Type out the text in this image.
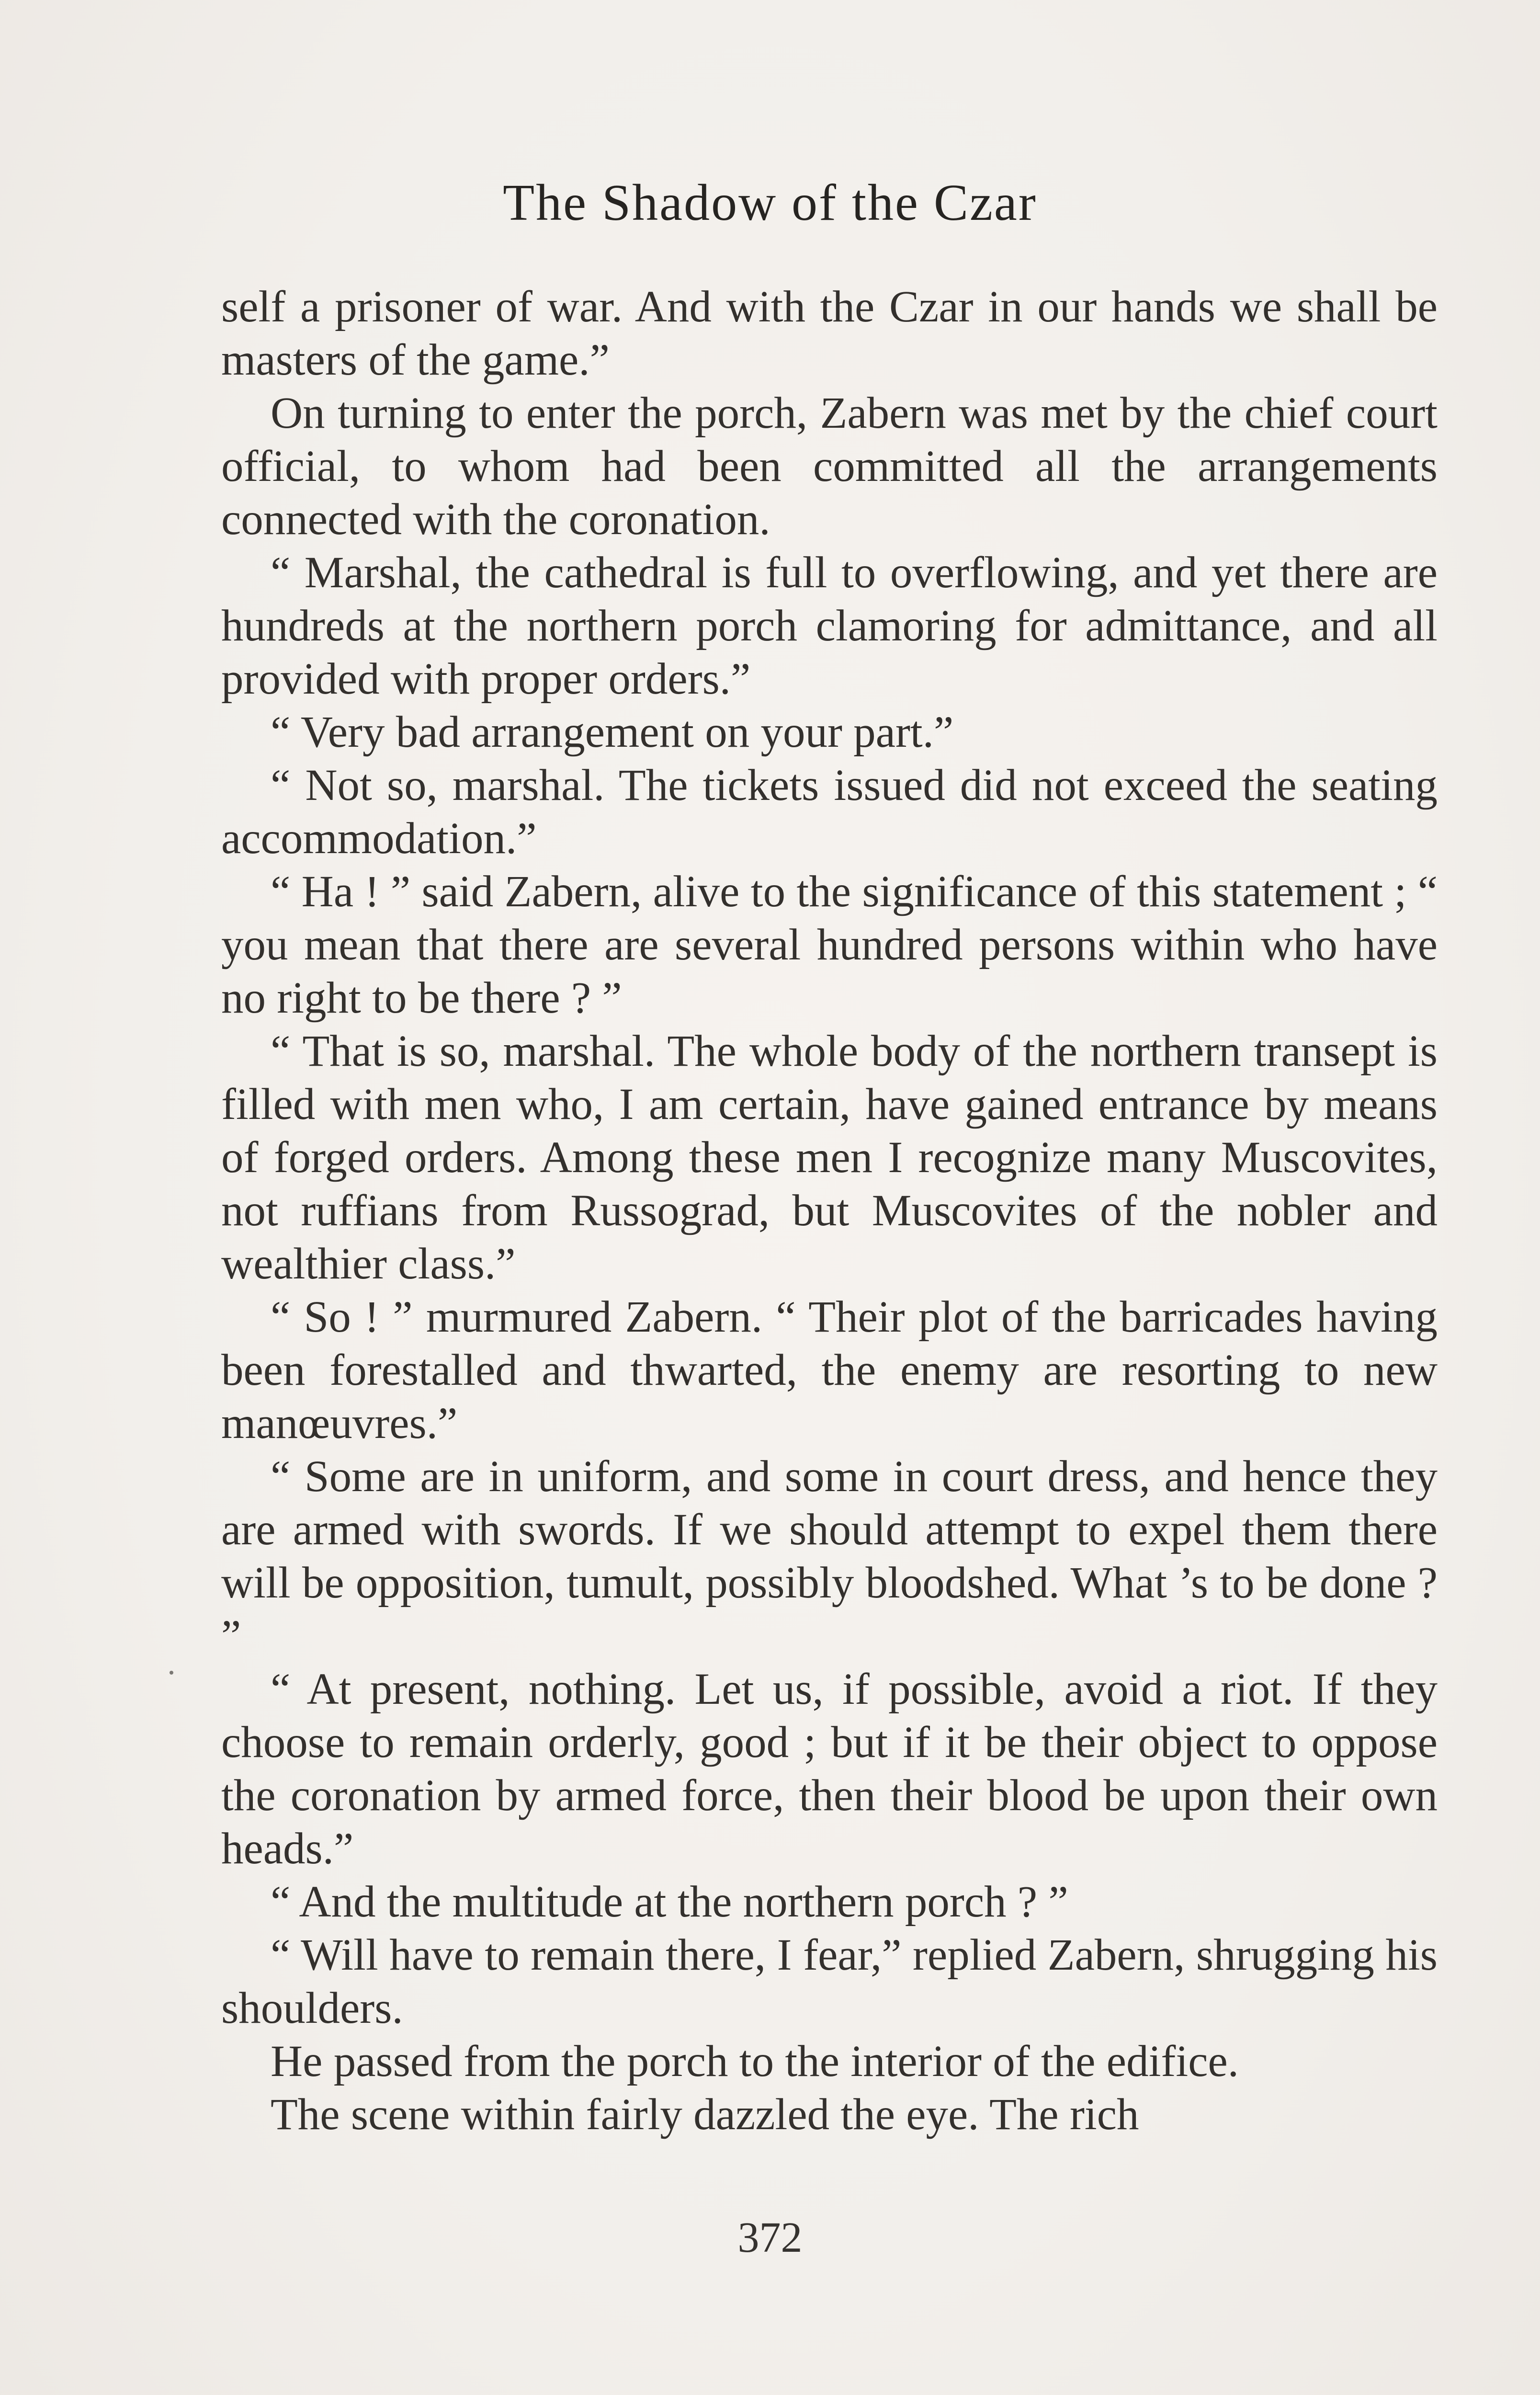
The Shadow of the Czar

self a prisoner of war. And with the Czar in our hands we shall be masters of the game.”

On turning to enter the porch, Zabern was met by the chief court official, to whom had been committed all the arrangements connected with the coronation.

“ Marshal, the cathedral is full to overflowing, and yet there are hundreds at the northern porch clamoring for admittance, and all provided with proper orders.”

“ Very bad arrangement on your part.”

“ Not so, marshal. The tickets issued did not exceed the seating accommodation.”

“ Ha ! ” said Zabern, alive to the significance of this statement ; “ you mean that there are several hundred persons within who have no right to be there ? ”

“ That is so, marshal. The whole body of the northern transept is filled with men who, I am certain, have gained entrance by means of forged orders. Among these men I recognize many Muscovites, not ruffians from Russograd, but Muscovites of the nobler and wealthier class.”

“ So ! ” murmured Zabern. “ Their plot of the barricades having been forestalled and thwarted, the enemy are resorting to new manœuvres.”

“ Some are in uniform, and some in court dress, and hence they are armed with swords. If we should attempt to expel them there will be opposition, tumult, possibly bloodshed. What ’s to be done ? ”

“ At present, nothing. Let us, if possible, avoid a riot. If they choose to remain orderly, good ; but if it be their object to oppose the coronation by armed force, then their blood be upon their own heads.”

“ And the multitude at the northern porch ? ”

“ Will have to remain there, I fear,” replied Zabern, shrugging his shoulders.

He passed from the porch to the interior of the edifice.

The scene within fairly dazzled the eye. The rich

372
